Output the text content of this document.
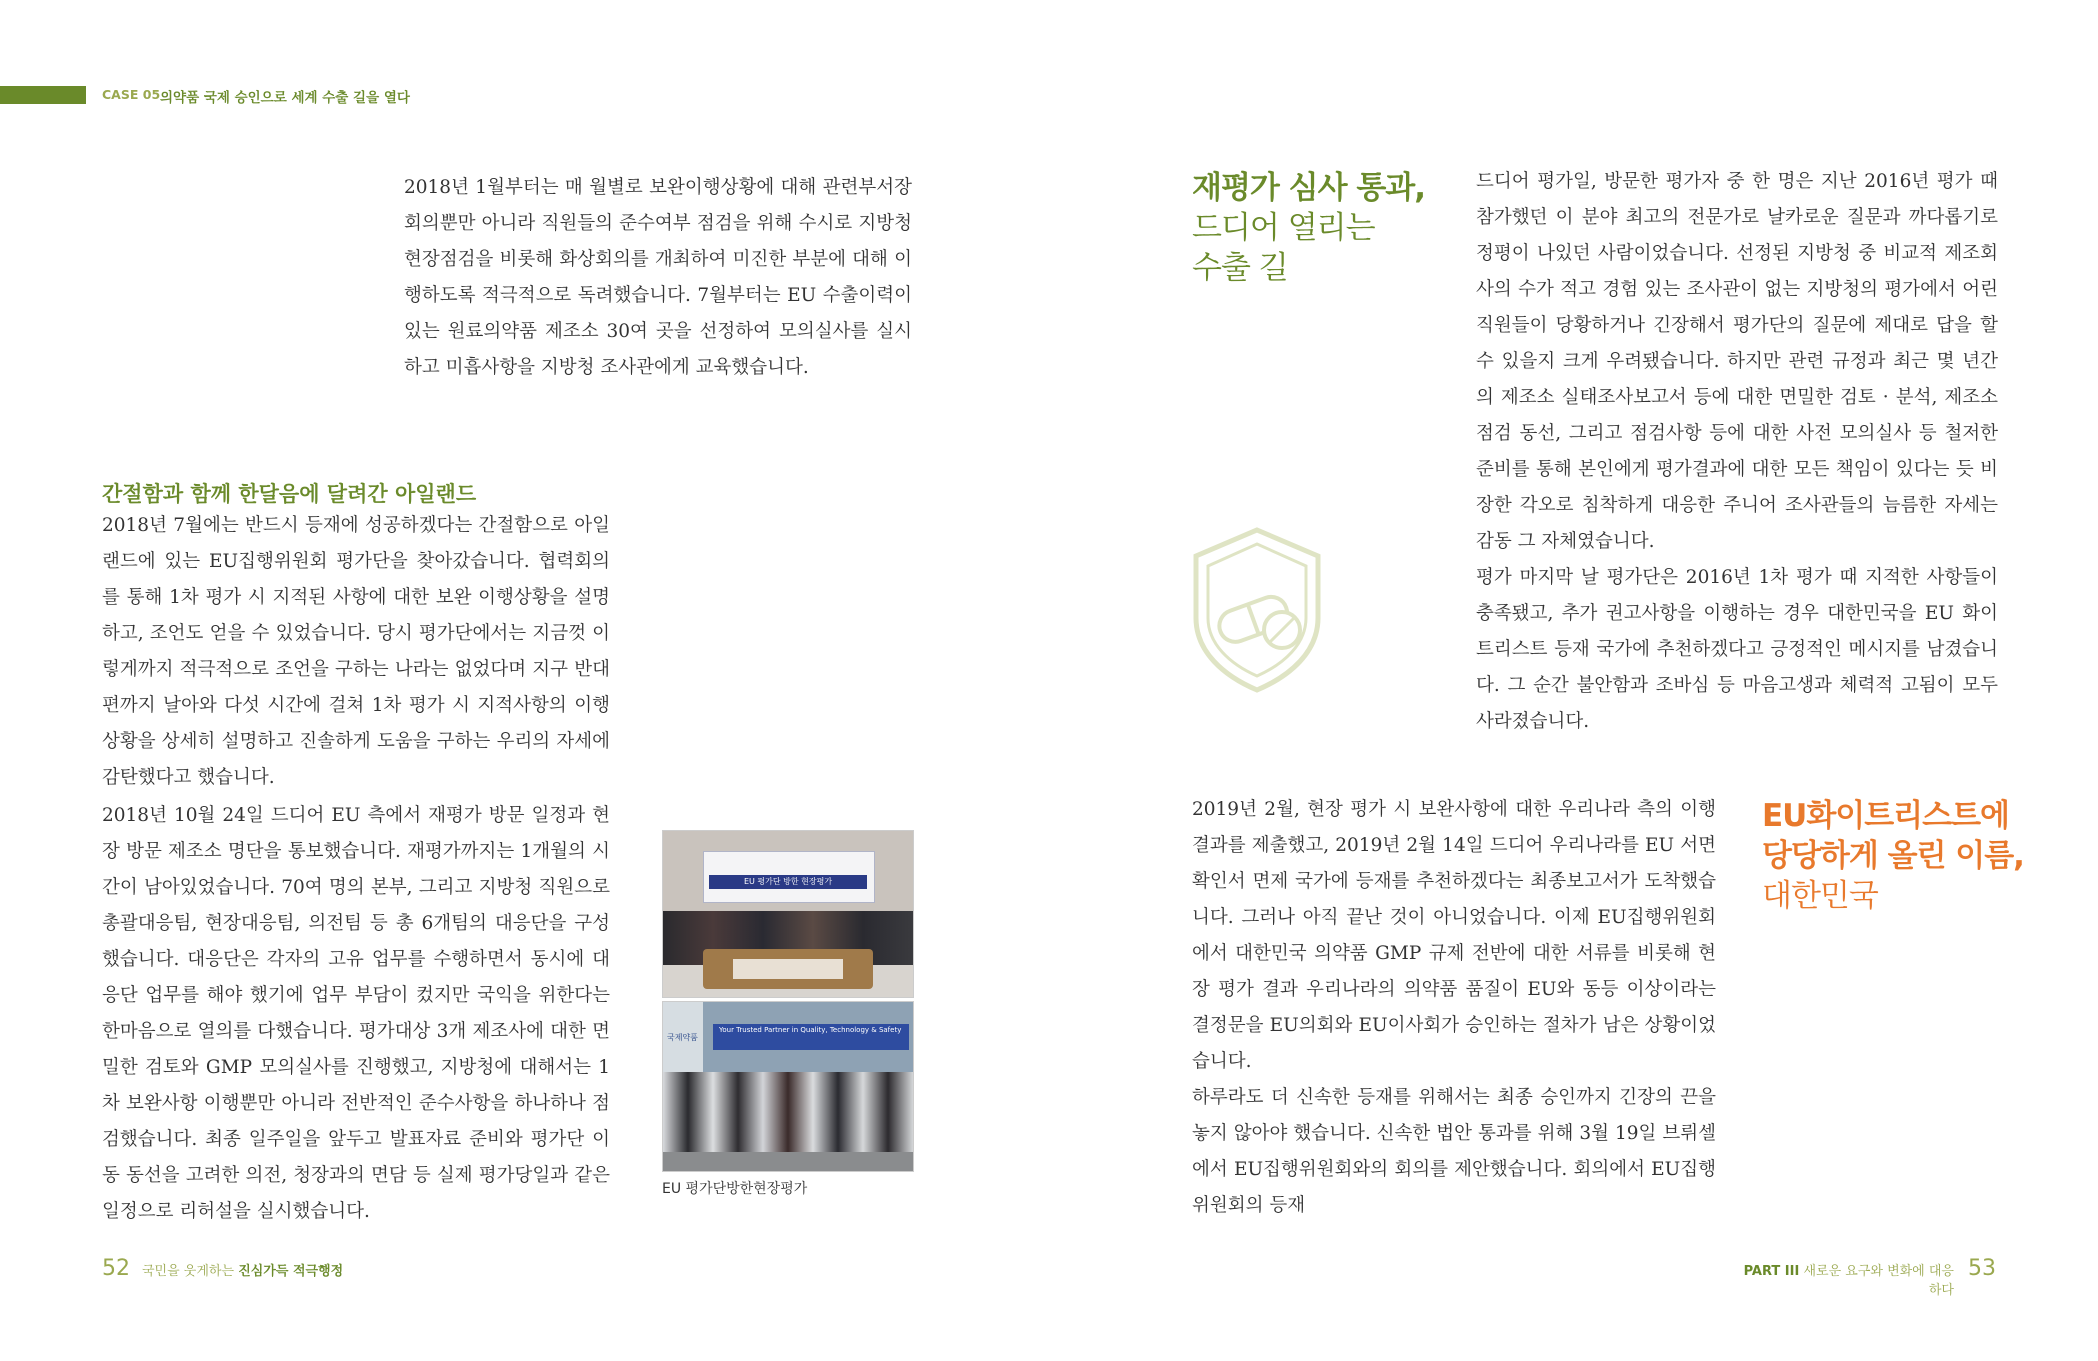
CASE 05 의약품 국제 승인으로 세계 수출 길을 열다
2018년 1월부터는 매 월별로 보완이행상황에 대해 관련부서장 회의뿐만 아니라 직원들의 준수여부 점검을 위해 수시로 지방청 현장점검을 비롯해 화상회의를 개최하여 미진한 부분에 대해 이행하도록 적극적으로 독려했습니다. 7월부터는 EU 수출이력이 있는 원료의약품 제조소 30여 곳을 선정하여 모의실사를 실시하고 미흡사항을 지방청 조사관에게 교육했습니다.
간절함과 함께 한달음에 달려간 아일랜드
2018년 7월에는 반드시 등재에 성공하겠다는 간절함으로 아일랜드에 있는 EU집행위원회 평가단을 찾아갔습니다. 협력회의를 통해 1차 평가 시 지적된 사항에 대한 보완 이행상황을 설명하고, 조언도 얻을 수 있었습니다. 당시 평가단에서는 지금껏 이렇게까지 적극적으로 조언을 구하는 나라는 없었다며 지구 반대편까지 날아와 다섯 시간에 걸쳐 1차 평가 시 지적사항의 이행상황을 상세히 설명하고 진솔하게 도움을 구하는 우리의 자세에 감탄했다고 했습니다.
2018년 10월 24일 드디어 EU 측에서 재평가 방문 일정과 현장 방문 제조소 명단을 통보했습니다. 재평가까지는 1개월의 시간이 남아있었습니다. 70여 명의 본부, 그리고 지방청 직원으로 총괄대응팀, 현장대응팀, 의전팀 등 총 6개팀의 대응단을 구성했습니다. 대응단은 각자의 고유 업무를 수행하면서 동시에 대응단 업무를 해야 했기에 업무 부담이 컸지만 국익을 위한다는 한마음으로 열의를 다했습니다. 평가대상 3개 제조사에 대한 면밀한 검토와 GMP 모의실사를 진행했고, 지방청에 대해서는 1차 보완사항 이행뿐만 아니라 전반적인 준수사항을 하나하나 점검했습니다. 최종 일주일을 앞두고 발표자료 준비와 평가단 이동 동선을 고려한 의전, 청장과의 면담 등 실제 평가당일과 같은 일정으로 리허설을 실시했습니다.
EU 평가단 방한 현장평가
국제약품
Your Trusted Partner in Quality, Technology & Safety
EU 평가단방한현장평가
52 국민을 웃게하는 진심가득 적극행정
재평가 심사 통과,
드디어 열리는
수출 길
드디어 평가일, 방문한 평가자 중 한 명은 지난 2016년 평가 때 참가했던 이 분야 최고의 전문가로 날카로운 질문과 까다롭기로 정평이 나있던 사람이었습니다. 선정된 지방청 중 비교적 제조회사의 수가 적고 경험 있는 조사관이 없는 지방청의 평가에서 어린 직원들이 당황하거나 긴장해서 평가단의 질문에 제대로 답을 할 수 있을지 크게 우려됐습니다. 하지만 관련 규정과 최근 몇 년간의 제조소 실태조사보고서 등에 대한 면밀한 검토 · 분석, 제조소 점검 동선, 그리고 점검사항 등에 대한 사전 모의실사 등 철저한 준비를 통해 본인에게 평가결과에 대한 모든 책임이 있다는 듯 비장한 각오로 침착하게 대응한 주니어 조사관들의 늠름한 자세는 감동 그 자체였습니다.
평가 마지막 날 평가단은 2016년 1차 평가 때 지적한 사항들이 충족됐고, 추가 권고사항을 이행하는 경우 대한민국을 EU 화이트리스트 등재 국가에 추천하겠다고 긍정적인 메시지를 남겼습니다. 그 순간 불안함과 조바심 등 마음고생과 체력적 고됨이 모두 사라졌습니다.
2019년 2월, 현장 평가 시 보완사항에 대한 우리나라 측의 이행결과를 제출했고, 2019년 2월 14일 드디어 우리나라를 EU 서면확인서 면제 국가에 등재를 추천하겠다는 최종보고서가 도착했습니다. 그러나 아직 끝난 것이 아니었습니다. 이제 EU집행위원회에서 대한민국 의약품 GMP 규제 전반에 대한 서류를 비롯해 현장 평가 결과 우리나라의 의약품 품질이 EU와 동등 이상이라는 결정문을 EU의회와 EU이사회가 승인하는 절차가 남은 상황이었습니다.
하루라도 더 신속한 등재를 위해서는 최종 승인까지 긴장의 끈을 놓지 않아야 했습니다. 신속한 법안 통과를 위해 3월 19일 브뤼셀에서 EU집행위원회와의 회의를 제안했습니다. 회의에서 EU집행위원회의 등재
EU화이트리스트에
당당하게 올린 이름,
대한민국
PART III 새로운 요구와 변화에 대응하다
53
